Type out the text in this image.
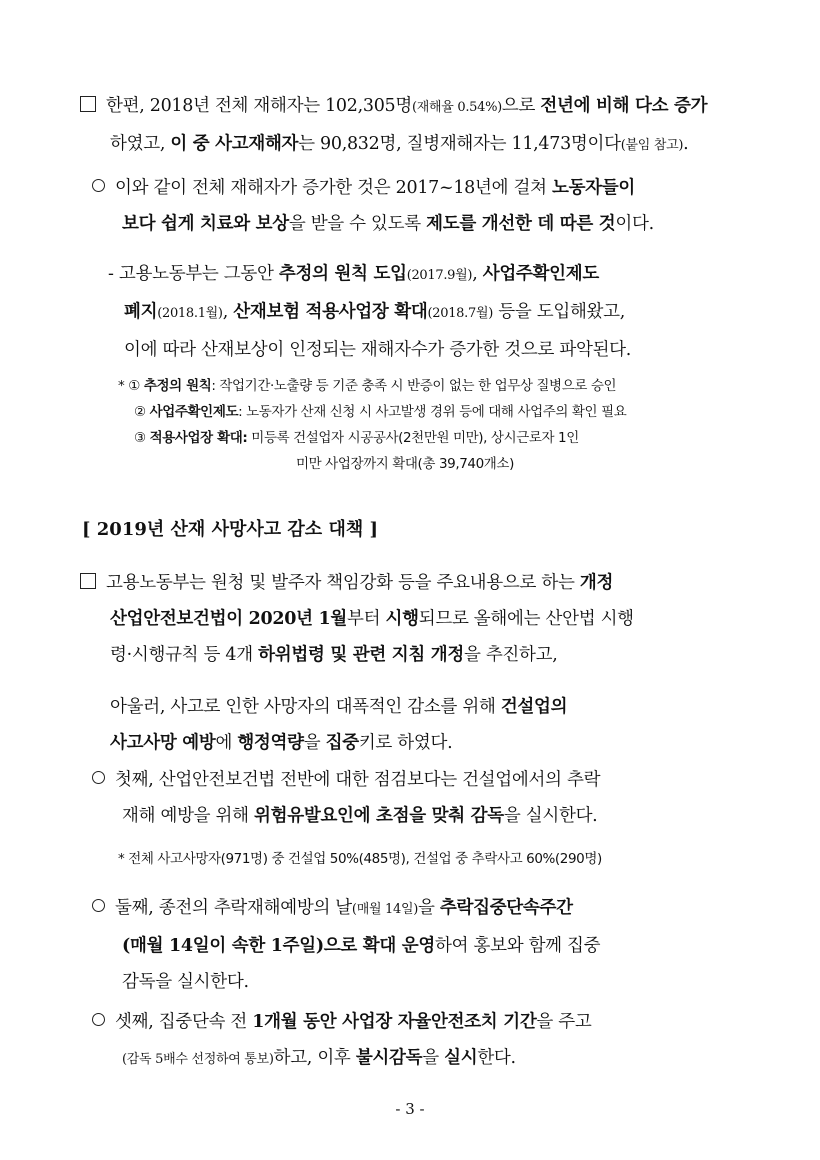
한편, 2018년 전체 재해자는 102,305명(재해율 0.54%)으로 전년에 비해 다소 증가
하였고, 이 중 사고재해자는 90,832명, 질병재해자는 11,473명이다(붙임 참고).
이와 같이 전체 재해자가 증가한 것은 2017~18년에 걸쳐 노동자들이
보다 쉽게 치료와 보상을 받을 수 있도록 제도를 개선한 데 따른 것이다.
- 고용노동부는 그동안 추정의 원칙 도입(2017.9월), 사업주확인제도
폐지(2018.1월), 산재보험 적용사업장 확대(2018.7월) 등을 도입해왔고,
이에 따라 산재보상이 인정되는 재해자수가 증가한 것으로 파악된다.
* ① 추정의 원칙: 작업기간·노출량 등 기준 충족 시 반증이 없는 한 업무상 질병으로 승인
② 사업주확인제도: 노동자가 산재 신청 시 사고발생 경위 등에 대해 사업주의 확인 필요
③ 적용사업장 확대: 미등록 건설업자 시공공사(2천만원 미만), 상시근로자 1인
미만 사업장까지 확대(총 39,740개소)
[ 2019년 산재 사망사고 감소 대책 ]
고용노동부는 원청 및 발주자 책임강화 등을 주요내용으로 하는 개정
산업안전보건법이 2020년 1월부터 시행되므로 올해에는 산안법 시행
령·시행규칙 등 4개 하위법령 및 관련 지침 개정을 추진하고,
아울러, 사고로 인한 사망자의 대폭적인 감소를 위해 건설업의
사고사망 예방에 행정역량을 집중키로 하였다.
첫째, 산업안전보건법 전반에 대한 점검보다는 건설업에서의 추락
재해 예방을 위해 위험유발요인에 초점을 맞춰 감독을 실시한다.
* 전체 사고사망자(971명) 중 건설업 50%(485명), 건설업 중 추락사고 60%(290명)
둘째, 종전의 추락재해예방의 날(매월 14일)을 추락집중단속주간
(매월 14일이 속한 1주일)으로 확대 운영하여 홍보와 함께 집중
감독을 실시한다.
셋째, 집중단속 전 1개월 동안 사업장 자율안전조치 기간을 주고
(감독 5배수 선정하여 통보)하고, 이후 불시감독을 실시한다.
- 3 -
